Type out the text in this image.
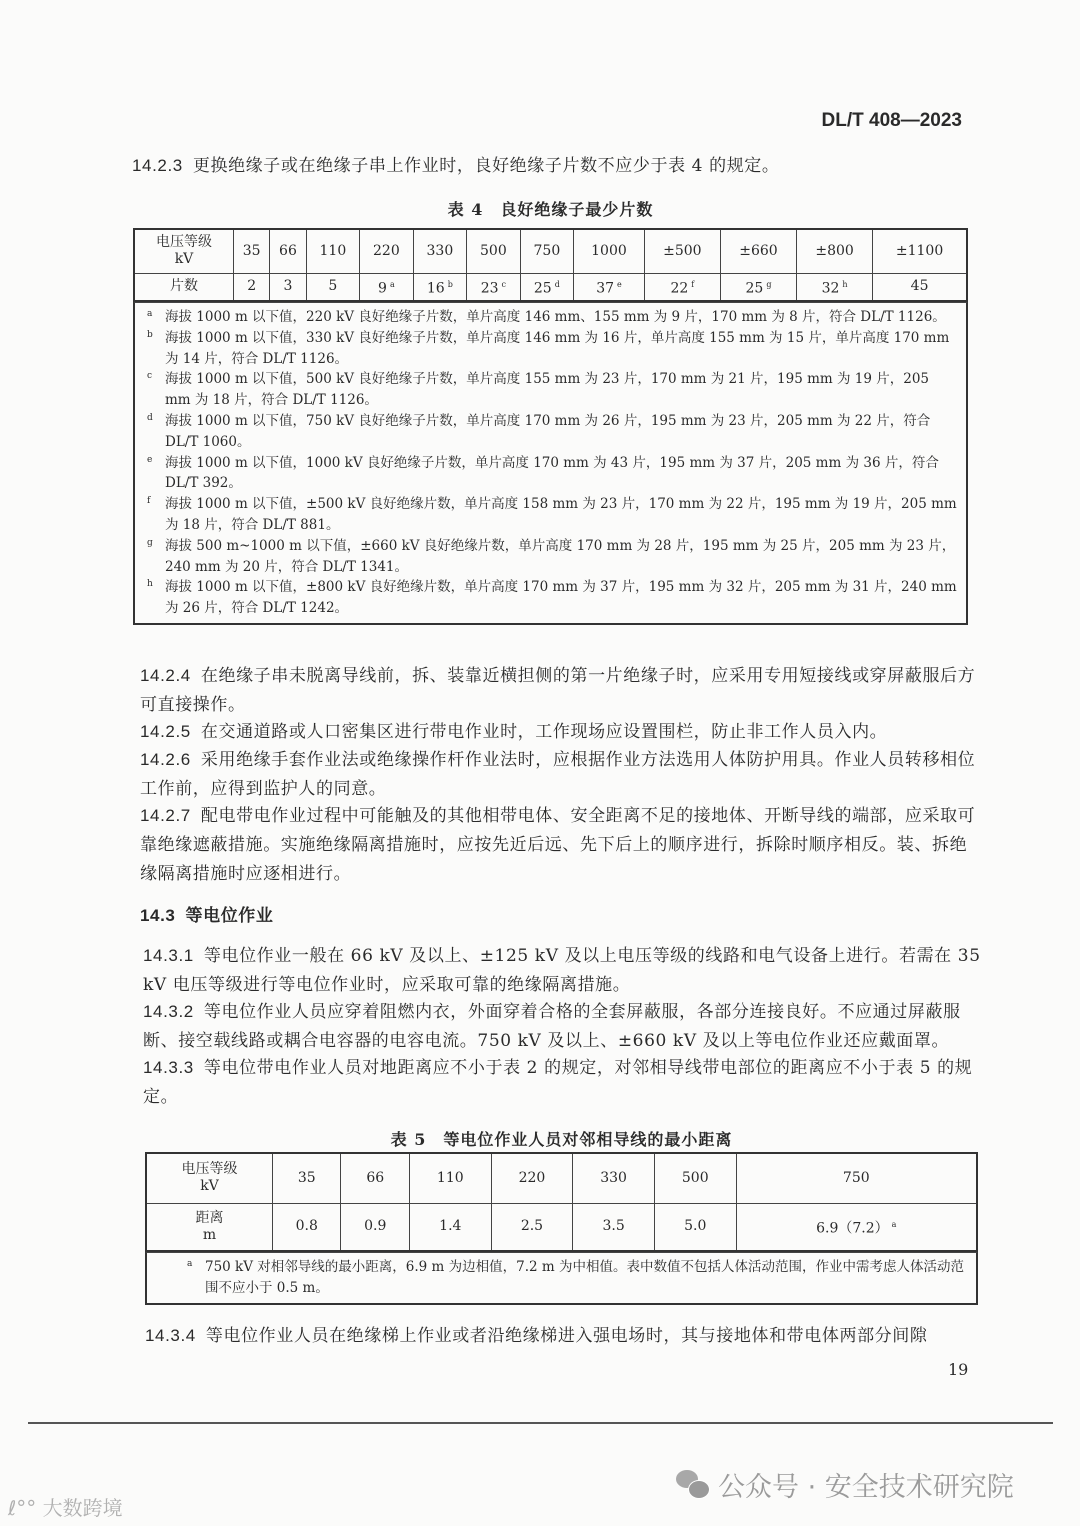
DL/T 408—2023
14.2.3 更换绝缘子或在绝缘子串上作业时，良好绝缘子片数不应少于表 4 的规定。
表 4　良好绝缘子最少片数
电压等级
kV	35	66	110	220	330	500	750	1000	±500	±660	±800	±1100
片数	2	3	5	9 $^a$	16 $^b$	23 $^c$	25 $^d$	37 $^e$	22 $^f$	25 $^g$	32 $^h$	45
a 海拔 1000 m 以下值，220 kV 良好绝缘子片数，单片高度 146 mm、155 mm 为 9 片，170 mm 为 8 片，符合 DL/T 1126。
b 海拔 1000 m 以下值，330 kV 良好绝缘子片数，单片高度 146 mm 为 16 片，单片高度 155 mm 为 15 片，单片高度 170 mm 为 14 片，符合 DL/T 1126。
c 海拔 1000 m 以下值，500 kV 良好绝缘子片数，单片高度 155 mm 为 23 片，170 mm 为 21 片，195 mm 为 19 片，205 mm 为 18 片，符合 DL/T 1126。
d 海拔 1000 m 以下值，750 kV 良好绝缘子片数，单片高度 170 mm 为 26 片，195 mm 为 23 片，205 mm 为 22 片，符合 DL/T 1060。
e 海拔 1000 m 以下值，1000 kV 良好绝缘子片数，单片高度 170 mm 为 43 片，195 mm 为 37 片，205 mm 为 36 片，符合 DL/T 392。
f 海拔 1000 m 以下值，±500 kV 良好绝缘片数，单片高度 158 mm 为 23 片，170 mm 为 22 片，195 mm 为 19 片，205 mm 为 18 片，符合 DL/T 881。
g 海拔 500 m~1000 m 以下值，±660 kV 良好绝缘片数，单片高度 170 mm 为 28 片，195 mm 为 25 片，205 mm 为 23 片，240 mm 为 20 片，符合 DL/T 1341。
h 海拔 1000 m 以下值，±800 kV 良好绝缘片数，单片高度 170 mm 为 37 片，195 mm 为 32 片，205 mm 为 31 片，240 mm 为 26 片，符合 DL/T 1242。
14.2.4 在绝缘子串未脱离导线前，拆、装靠近横担侧的第一片绝缘子时，应采用专用短接线或穿屏蔽服后方可直接操作。
14.2.5 在交通道路或人口密集区进行带电作业时，工作现场应设置围栏，防止非工作人员入内。
14.2.6 采用绝缘手套作业法或绝缘操作杆作业法时，应根据作业方法选用人体防护用具。作业人员转移相位工作前，应得到监护人的同意。
14.2.7 配电带电作业过程中可能触及的其他相带电体、安全距离不足的接地体、开断导线的端部，应采取可靠绝缘遮蔽措施。实施绝缘隔离措施时，应按先近后远、先下后上的顺序进行，拆除时顺序相反。装、拆绝缘隔离措施时应逐相进行。
14.3 等电位作业
14.3.1 等电位作业一般在 66 kV 及以上、±125 kV 及以上电压等级的线路和电气设备上进行。若需在 35 kV 电压等级进行等电位作业时，应采取可靠的绝缘隔离措施。
14.3.2 等电位作业人员应穿着阻燃内衣，外面穿着合格的全套屏蔽服，各部分连接良好。不应通过屏蔽服断、接空载线路或耦合电容器的电容电流。750 kV 及以上、±660 kV 及以上等电位作业还应戴面罩。
14.3.3 等电位带电作业人员对地距离应不小于表 2 的规定，对邻相导线带电部位的距离应不小于表 5 的规定。
表 5　等电位作业人员对邻相导线的最小距离
电压等级
kV	35	66	110	220	330	500	750
距离
m	0.8	0.9	1.4	2.5	3.5	5.0	6.9（7.2） $^a$
a 750 kV 对相邻导线的最小距离，6.9 m 为边相值，7.2 m 为中相值。表中数值不包括人体活动范围，作业中需考虑人体活动范围不应小于 0.5 m。
14.3.4 等电位作业人员在绝缘梯上作业或者沿绝缘梯进入强电场时，其与接地体和带电体两部分间隙
19
公众号 · 安全技术研究院
ℓ°° 大数跨境
